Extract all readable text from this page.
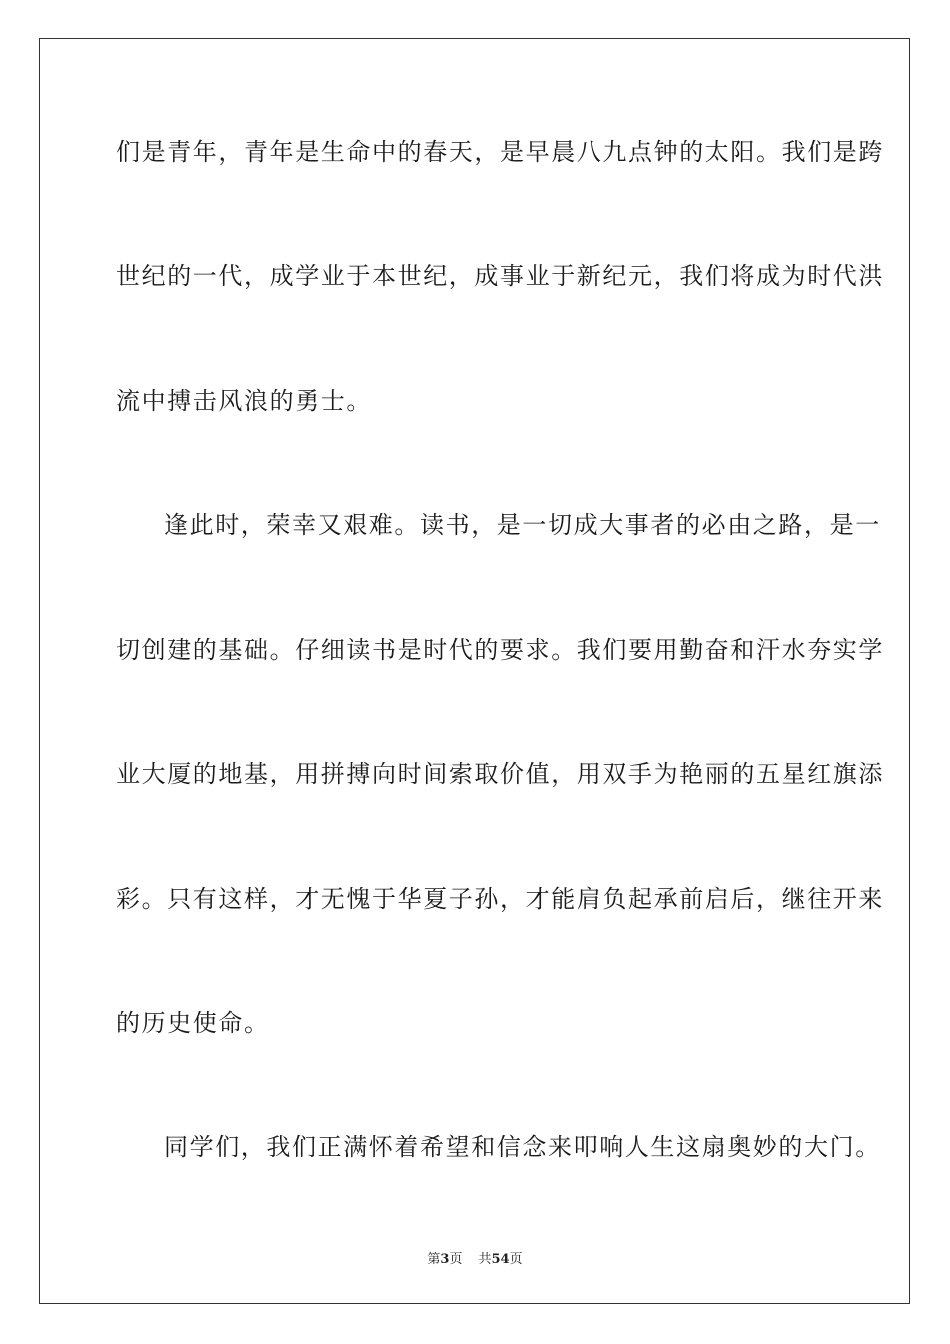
们是青年，青年是生命中的春天，是早晨八九点钟的太阳。我们是跨
世纪的一代，成学业于本世纪，成事业于新纪元，我们将成为时代洪
流中搏击风浪的勇士。
逢此时，荣幸又艰难。读书，是一切成大事者的必由之路，是一
切创建的基础。仔细读书是时代的要求。我们要用勤奋和汗水夯实学
业大厦的地基，用拼搏向时间索取价值，用双手为艳丽的五星红旗添
彩。只有这样，才无愧于华夏子孙，才能肩负起承前启后，继往开来
的历史使命。
同学们，我们正满怀着希望和信念来叩响人生这扇奥妙的大门。
第3页 共54页
